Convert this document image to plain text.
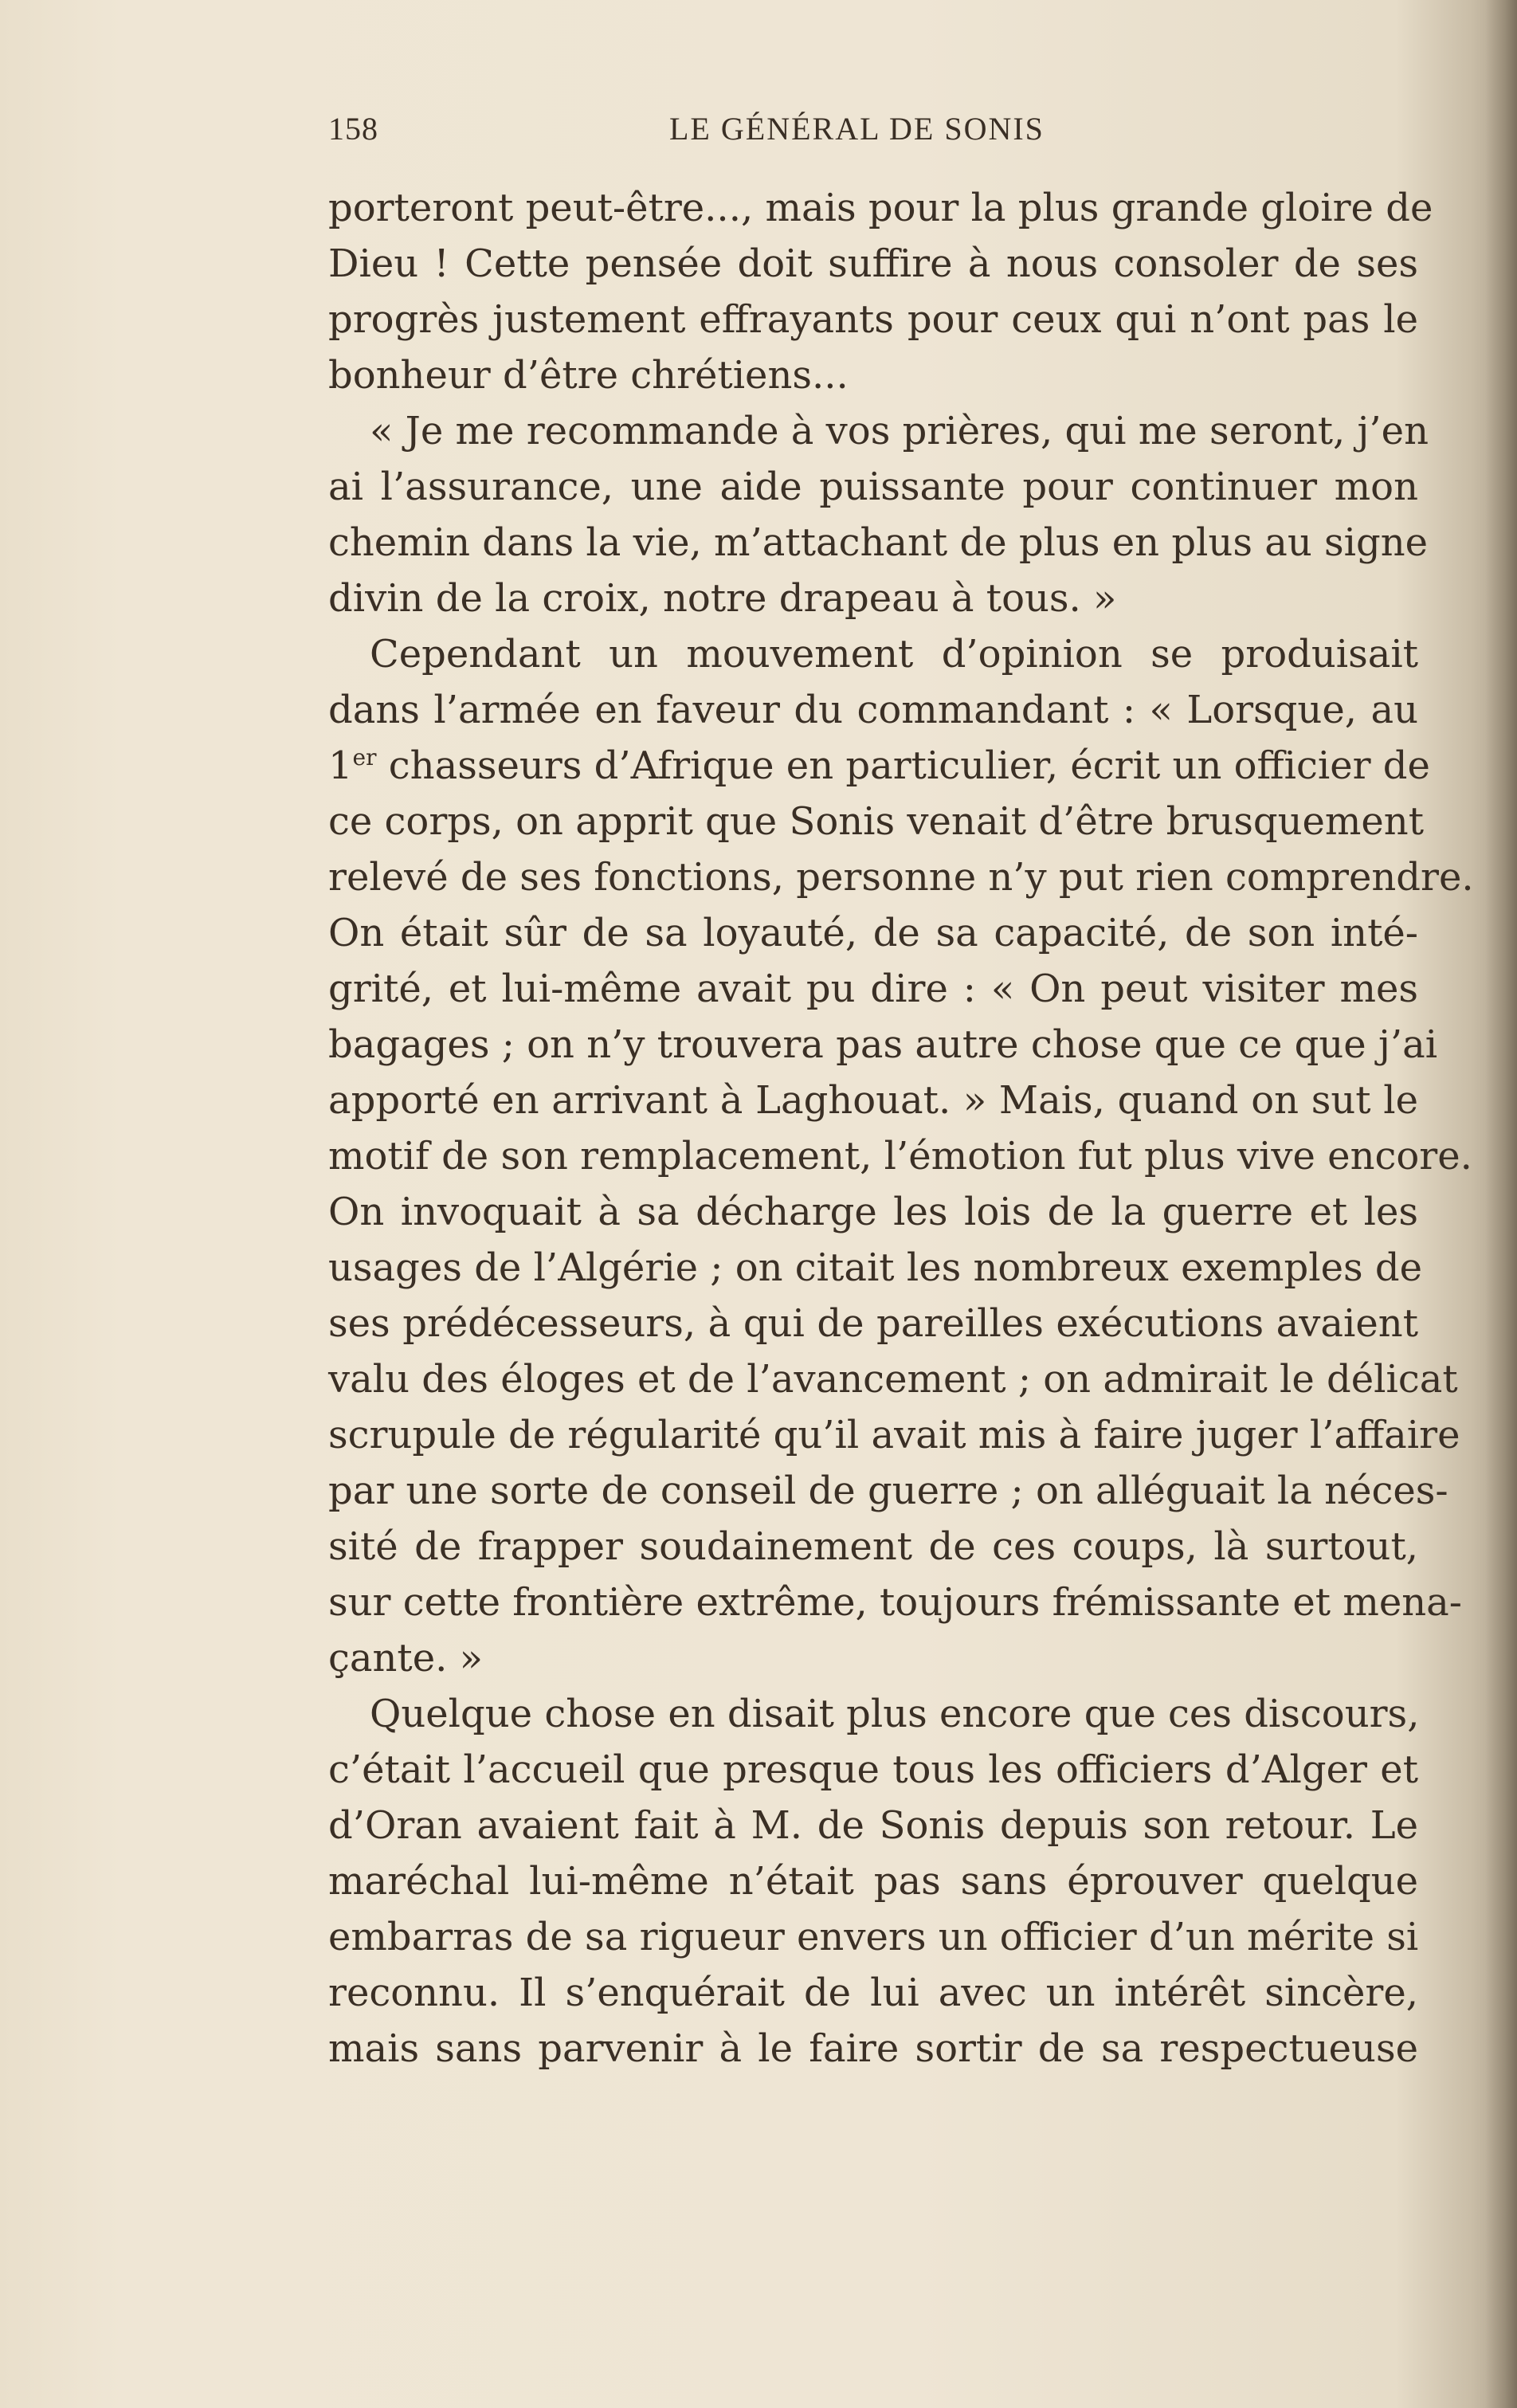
158	LE GÉNÉRAL DE SONIS
porteront peut-être..., mais pour la plus grande gloire de
Dieu ! Cette pensée doit suffire à nous consoler de ses
progrès justement effrayants pour ceux qui n’ont pas le
bonheur d’être chrétiens...
« Je me recommande à vos prières, qui me seront, j’en
ai l’assurance, une aide puissante pour continuer mon
chemin dans la vie, m’attachant de plus en plus au signe
divin de la croix, notre drapeau à tous. »
Cependant un mouvement d’opinion se produisait
dans l’armée en faveur du commandant : « Lorsque, au
1er chasseurs d’Afrique en particulier, écrit un officier de
ce corps, on apprit que Sonis venait d’être brusquement
relevé de ses fonctions, personne n’y put rien comprendre.
On était sûr de sa loyauté, de sa capacité, de son inté-
grité, et lui-même avait pu dire : « On peut visiter mes
bagages ; on n’y trouvera pas autre chose que ce que j’ai
apporté en arrivant à Laghouat. » Mais, quand on sut le
motif de son remplacement, l’émotion fut plus vive encore.
On invoquait à sa décharge les lois de la guerre et les
usages de l’Algérie ; on citait les nombreux exemples de
ses prédécesseurs, à qui de pareilles exécutions avaient
valu des éloges et de l’avancement ; on admirait le délicat
scrupule de régularité qu’il avait mis à faire juger l’affaire
par une sorte de conseil de guerre ; on alléguait la néces-
sité de frapper soudainement de ces coups, là surtout,
sur cette frontière extrême, toujours frémissante et mena-
çante. »
Quelque chose en disait plus encore que ces discours,
c’était l’accueil que presque tous les officiers d’Alger et
d’Oran avaient fait à M. de Sonis depuis son retour. Le
maréchal lui-même n’était pas sans éprouver quelque
embarras de sa rigueur envers un officier d’un mérite si
reconnu. Il s’enquérait de lui avec un intérêt sincère,
mais sans parvenir à le faire sortir de sa respectueuse
